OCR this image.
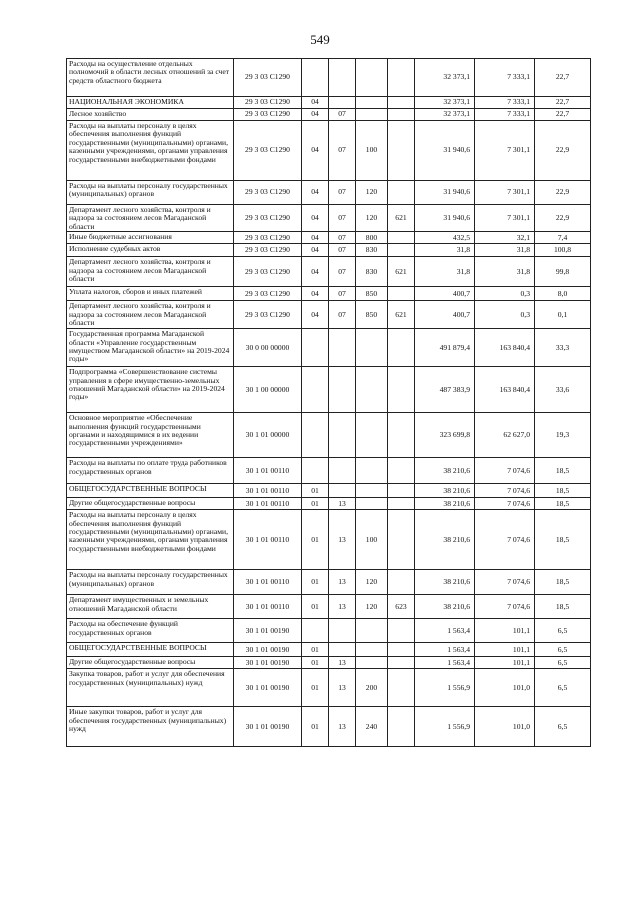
549
Расходы на осуществление отдельных полномочий в области лесных отношений за счет средств областного бюджета	29 3 03 С1290					32 373,1	7 333,1	22,7
НАЦИОНАЛЬНАЯ ЭКОНОМИКА	29 3 03 С1290	04				32 373,1	7 333,1	22,7
Лесное хозяйство	29 3 03 С1290	04	07			32 373,1	7 333,1	22,7
Расходы на выплаты персоналу в целях обеспечения выполнения функций государственными (муниципальными) органами, казенными учреждениями, органами управления государственными внебюджетными фондами	29 3 03 С1290	04	07	100		31 940,6	7 301,1	22,9
Расходы на выплаты персоналу государственных (муниципальных) органов	29 3 03 С1290	04	07	120		31 940,6	7 301,1	22,9
Департамент лесного хозяйства, контроля и надзора за состоянием лесов Магаданской области	29 3 03 С1290	04	07	120	621	31 940,6	7 301,1	22,9
Иные бюджетные ассигнования	29 3 03 С1290	04	07	800		432,5	32,1	7,4
Исполнение судебных актов	29 3 03 С1290	04	07	830		31,8	31,8	100,8
Департамент лесного хозяйства, контроля и надзора за состоянием лесов Магаданской области	29 3 03 С1290	04	07	830	621	31,8	31,8	99,8
Уплата налогов, сборов и иных платежей	29 3 03 С1290	04	07	850		400,7	0,3	8,0
Департамент лесного хозяйства, контроля и надзора за состоянием лесов Магаданской области	29 3 03 С1290	04	07	850	621	400,7	0,3	0,1
Государственная программа Магаданской области «Управление государственным имуществом Магаданской области» на 2019-2024 годы»	30 0 00 00000					491 879,4	163 840,4	33,3
Подпрограмма «Совершенствование системы управления в сфере имущественно-земельных отношений Магаданской области» на 2019-2024 годы»	30 1 00 00000					487 383,9	163 840,4	33,6
Основное мероприятие «Обеспечение выполнения функций государственными органами и находящимися в их ведении государственными учреждениями»	30 1 01 00000					323 699,8	62 627,0	19,3
Расходы на выплаты по оплате труда работников государственных органов	30 1 01 00110					38 210,6	7 074,6	18,5
ОБЩЕГОСУДАРСТВЕННЫЕ ВОПРОСЫ	30 1 01 00110	01				38 210,6	7 074,6	18,5
Другие общегосударственные вопросы	30 1 01 00110	01	13			38 210,6	7 074,6	18,5
Расходы на выплаты персоналу в целях обеспечения выполнения функций государственными (муниципальными) органами, казенными учреждениями, органами управления государственными внебюджетными фондами	30 1 01 00110	01	13	100		38 210,6	7 074,6	18,5
Расходы на выплаты персоналу государственных (муниципальных) органов	30 1 01 00110	01	13	120		38 210,6	7 074,6	18,5
Департамент имущественных и земельных отношений Магаданской области	30 1 01 00110	01	13	120	623	38 210,6	7 074,6	18,5
Расходы на обеспечение функций государственных органов	30 1 01 00190					1 563,4	101,1	6,5
ОБЩЕГОСУДАРСТВЕННЫЕ ВОПРОСЫ	30 1 01 00190	01				1 563,4	101,1	6,5
Другие общегосударственные вопросы	30 1 01 00190	01	13			1 563,4	101,1	6,5
Закупка товаров, работ и услуг для обеспечения государственных (муниципальных) нужд	30 1 01 00190	01	13	200		1 556,9	101,0	6,5
Иные закупки товаров, работ и услуг для обеспечения государственных (муниципальных) нужд	30 1 01 00190	01	13	240		1 556,9	101,0	6,5
